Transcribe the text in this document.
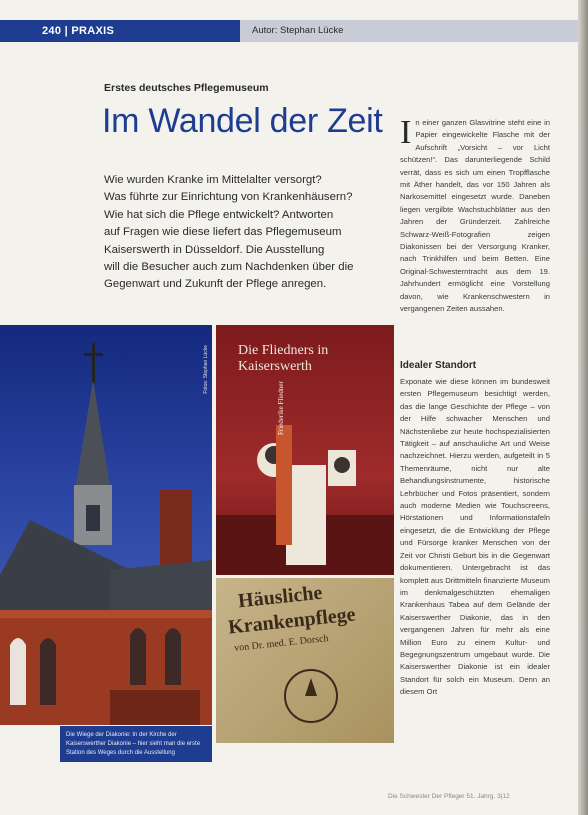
240 | PRAXIS	Autor: Stephan Lücke
Erstes deutsches Pflegemuseum
Im Wandel der Zeit
Wie wurden Kranke im Mittelalter versorgt?
Was führte zur Einrichtung von Krankenhäusern?
Wie hat sich die Pflege entwickelt? Antworten
auf Fragen wie diese liefert das Pflegemuseum
Kaiserswerth in Düsseldorf. Die Ausstellung
will die Besucher auch zum Nachdenken über die
Gegenwart und Zukunft der Pflege anregen.
In einer ganzen Glasvitrine steht eine in Papier eingewickelte Flasche mit der Aufschrift „Vorsicht – vor Licht schützen!“. Das darunterliegende Schild verrät, dass es sich um einen Tropfflasche mit Äther handelt, das vor 150 Jahren als Narkosemittel eingesetzt wurde. Daneben liegen vergilbte Wachstuchblätter aus den Jahren der Gründerzeit. Zahlreiche Schwarz-Weiß-Fotografien zeigen Diakonissen bei der Versorgung Kranker, nach Trinkhilfen und beim Betten. Eine Original-Schwesterntracht aus dem 19. Jahrhundert ermöglicht eine Vorstellung davon, wie Krankenschwestern in vergangenen Zeiten aussahen.
Idealer Standort
Exponate wie diese können im bundesweit ersten Pflegemuseum besichtigt werden, das die lange Geschichte der Pflege – von der Hilfe schwacher Menschen und Nächstenliebe zur heute hochspezialisierten Tätigkeit – auf anschauliche Art und Weise nachzeichnet. Hierzu werden, aufgeteilt in 5 Themenräume, nicht nur alte Behandlungsinstrumente, historische Lehrbücher und Fotos präsentiert, sondern auch moderne Medien wie Touchscreens, Hörstationen und Informationstafeln eingesetzt, die die Entwicklung der Pflege und Fürsorge kranker Menschen von der Zeit vor Christi Geburt bis in die Gegenwart dokumentieren. Untergebracht ist das komplett aus Drittmitteln finanzierte Museum im denkmalgeschützten ehemaligen Krankenhaus Tabea auf dem Gelände der Kaiserswerther Diakonie, das in den vergangenen Jahren für mehr als eine Million Euro zu einem Kultur- und Begegnungszentrum umgebaut wurde. Die Kaiserswerther Diakonie ist ein idealer Standort für solch ein Museum. Denn an diesem Ort
Fotos: Stephan Lücke
Die Wiege der Diakonie: In der Kirche der Kaiserswerther Diakonie – hier sieht man die erste Station des Weges durch die Ausstellung
Die Fliedners in Kaiserswerth
Friederike Fliedner
Häusliche
Krankenpflege
von Dr. med. E. Dorsch
Die Schwester Der Pfleger 51. Jahrg. 3|12
